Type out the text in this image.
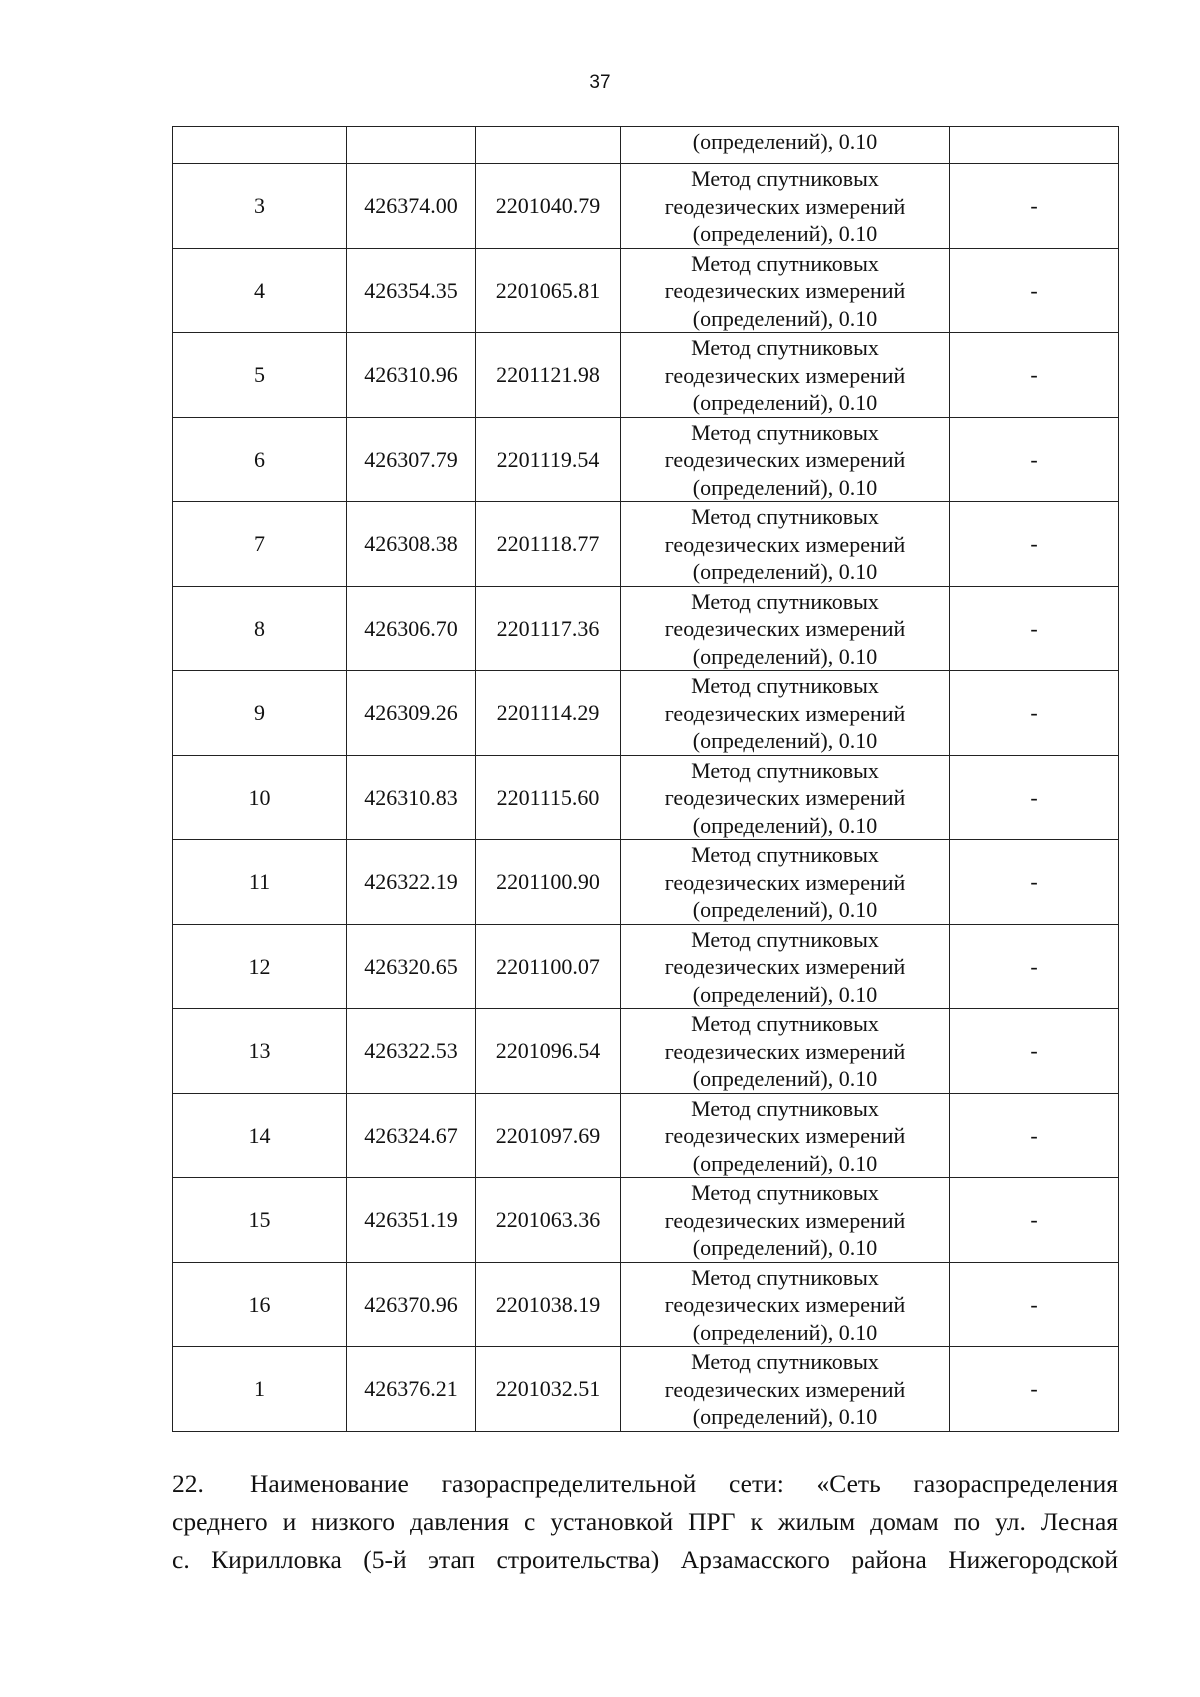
37
			(определений), 0.10	
3	426374.00	2201040.79	Метод спутниковых
геодезических измерений
(определений), 0.10	-
4	426354.35	2201065.81	Метод спутниковых
геодезических измерений
(определений), 0.10	-
5	426310.96	2201121.98	Метод спутниковых
геодезических измерений
(определений), 0.10	-
6	426307.79	2201119.54	Метод спутниковых
геодезических измерений
(определений), 0.10	-
7	426308.38	2201118.77	Метод спутниковых
геодезических измерений
(определений), 0.10	-
8	426306.70	2201117.36	Метод спутниковых
геодезических измерений
(определений), 0.10	-
9	426309.26	2201114.29	Метод спутниковых
геодезических измерений
(определений), 0.10	-
10	426310.83	2201115.60	Метод спутниковых
геодезических измерений
(определений), 0.10	-
11	426322.19	2201100.90	Метод спутниковых
геодезических измерений
(определений), 0.10	-
12	426320.65	2201100.07	Метод спутниковых
геодезических измерений
(определений), 0.10	-
13	426322.53	2201096.54	Метод спутниковых
геодезических измерений
(определений), 0.10	-
14	426324.67	2201097.69	Метод спутниковых
геодезических измерений
(определений), 0.10	-
15	426351.19	2201063.36	Метод спутниковых
геодезических измерений
(определений), 0.10	-
16	426370.96	2201038.19	Метод спутниковых
геодезических измерений
(определений), 0.10	-
1	426376.21	2201032.51	Метод спутниковых
геодезических измерений
(определений), 0.10	-
22. Наименование газораспределительной сети: «Сеть газораспределения
среднего и низкого давления с установкой ПРГ к жилым домам по ул. Лесная
с. Кирилловка (5-й этап строительства) Арзамасского района Нижегородской
